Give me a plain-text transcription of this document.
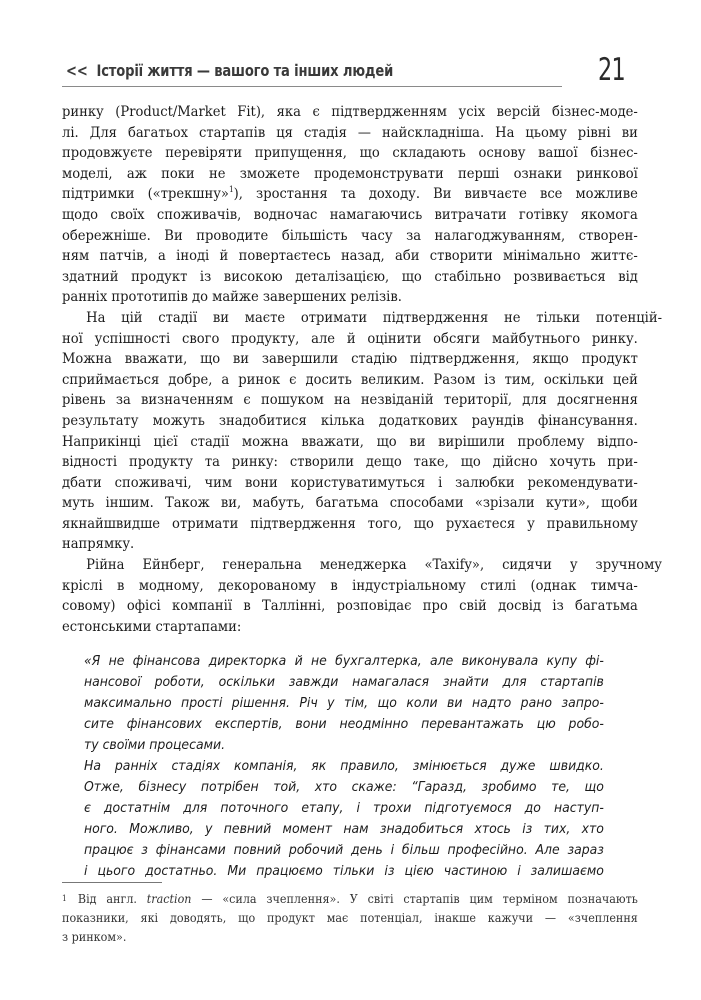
<< Історії життя — вашого та інших людей	21
ринку (Product/Market Fit), яка є підтвердженням усіх версій бізнес-моде-
лі. Для багатьох стартапів ця стадія — найскладніша. На цьому рівні ви
продовжуєте перевіряти припущення, що складають основу вашої бізнес-
моделі, аж поки не зможете продемонструвати перші ознаки ринкової
підтримки («трекшну»$^1$), зростання та доходу. Ви вивчаєте все можливе
щодо своїх споживачів, водночас намагаючись витрачати готівку якомога
обережніше. Ви проводите більшість часу за налагоджуванням, створен-
ням патчів, а іноді й повертаєтесь назад, аби створити мінімально життє-
здатний продукт із високою деталізацією, що стабільно розвивається від
ранніх прототипів до майже завершених релізів.
На цій стадії ви маєте отримати підтвердження не тільки потенцій-
ної успішності свого продукту, але й оцінити обсяги майбутнього ринку.
Можна вважати, що ви завершили стадію підтвердження, якщо продукт
сприймається добре, а ринок є досить великим. Разом із тим, оскільки цей
рівень за визначенням є пошуком на незвіданій території, для досягнення
результату можуть знадобитися кілька додаткових раундів фінансування.
Наприкінці цієї стадії можна вважати, що ви вирішили проблему відпо-
відності продукту та ринку: створили дещо таке, що дійсно хочуть при-
дбати споживачі, чим вони користуватимуться і залюбки рекомендувати-
муть іншим. Також ви, мабуть, багатьма способами «зрізали кути», щоби
якнайшвидше отримати підтвердження того, що рухаєтеся у правильному
напрямку.
Рійна Ейнберг, генеральна менеджерка «Taxify», сидячи у зручному
кріслі в модному, декорованому в індустріальному стилі (однак тимча-
совому) офісі компанії в Таллінні, розповідає про свій досвід із багатьма
естонськими стартапами:
«Я не фінансова директорка й не бухгалтерка, але виконувала купу фі-
нансової роботи, оскільки завжди намагалася знайти для стартапів
максимально прості рішення. Річ у тім, що коли ви надто рано запро-
сите фінансових експертів, вони неодмінно перевантажать цю робо-
ту своїми процесами.
На ранніх стадіях компанія, як правило, змінюється дуже швидко.
Отже, бізнесу потрібен той, хто скаже: “Гаразд, зробимо те, що
є достатнім для поточного етапу, і трохи підготуємося до наступ-
ного. Можливо, у певний момент нам знадобиться хтось із тих, хто
працює з фінансами повний робочий день і більш професійно. Але зараз
і цього достатньо. Ми працюємо тільки із цією частиною і залишаємо
$^1$ Від англ. traction — «сила зчеплення». У світі стартапів цим терміном позначають
показники, які доводять, що продукт має потенціал, інакше кажучи — «зчеплення
з ринком».
